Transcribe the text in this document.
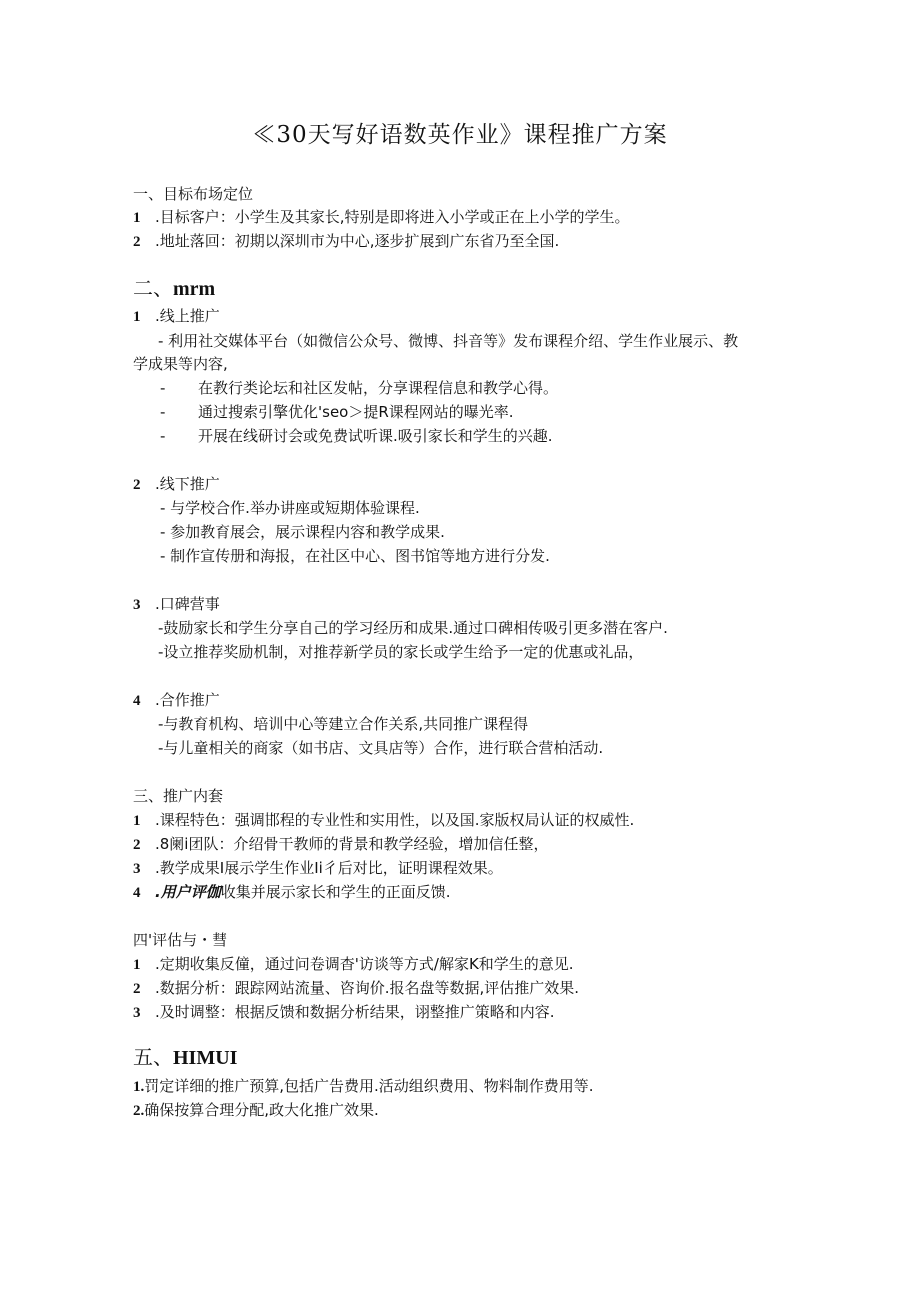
≪30天写好语数英作业》课程推广方案
一、目标布场定位
1 .目标客户：小学生及其家长,特别是即将进入小学或正在上小学的学生。
2 .地址落回：初期以深圳市为中心,逐步扩展到广东省乃至全国.
二、mrm
1 .线上推广
- 利用社交媒体平台（如微信公众号、微博、抖音等》发布课程介绍、学生作业展示、教
学成果等内容,
- 在教行类论坛和社区发帖，分享课程信息和教学心得。
- 通过搜索引擎优化'seo＞提R课程网站的曝光率.
- 开展在线研讨会或免费试听课.吸引家长和学生的兴趣.
2 .线下推广
- 与学校合作.举办讲座或短期体验课程.
- 参加教育展会，展示课程内容和教学成果.
- 制作宣传册和海报，在社区中心、图书馆等地方进行分发.
3 .口碑营事
-鼓励家长和学生分享自己的学习经历和成果.通过口碑相传吸引更多潜在客户.
-设立推荐奖励机制，对推荐新学员的家长或学生给予一定的优惠或礼品，
4 .合作推广
-与教育机构、培训中心等建立合作关系,共同推广课程得
-与儿童相关的商家（如书店、文具店等）合作，进行联合营柏活动.
三、推广内套
1 .课程特色：强调邯程的专业性和实用性，以及国.家版权局认证的权威性.
2 .8阑i团队：介绍骨干教师的背景和教学经验，增加信任整，
3 .教学成果I展示学生作业Ii彳后对比，证明课程效果。
4 .用户评伽收集并展示家长和学生的正面反馈.
四'评估与・彗
1 .定期收集反僮，通过问卷调杳'访谈等方式/解家K和学生的意见.
2 .数据分析：跟踪网站流量、咨询价.报名盘等数据,评估推广效果.
3 .及时调整：根据反馈和数据分析结果，诩整推广策略和内容.
五、HIMUI
1.罚定详细的推广预算,包括广告费用.活动组织费用、物料制作费用等.
2.确保按算合理分配,政大化推广效果.
